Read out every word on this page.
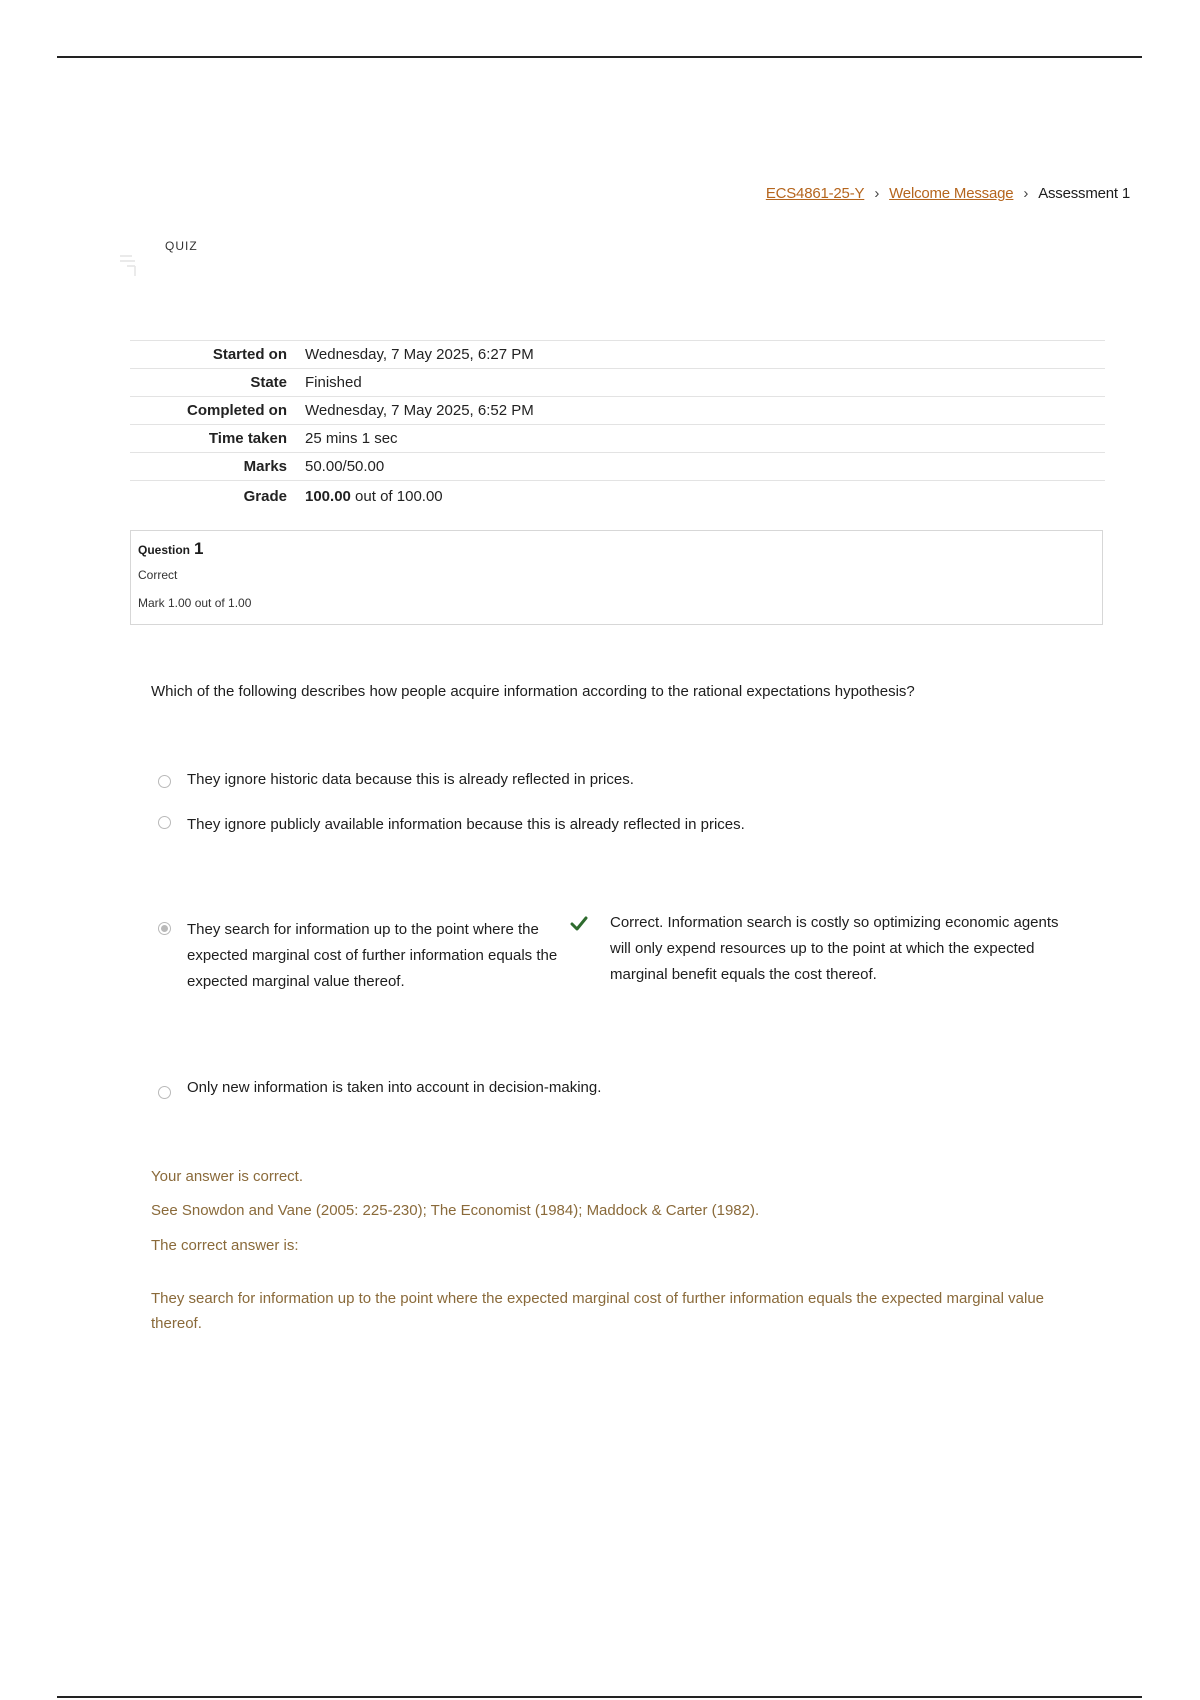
ECS4861-25-Y › Welcome Message › Assessment 1
QUIZ
Started on	Wednesday, 7 May 2025, 6:27 PM
State	Finished
Completed on	Wednesday, 7 May 2025, 6:52 PM
Time taken	25 mins 1 sec
Marks	50.00/50.00
Grade	100.00 out of 100.00
Question 1
Correct
Mark 1.00 out of 1.00
Which of the following describes how people acquire information according to the rational expectations hypothesis?
They ignore historic data because this is already reflected in prices.
They ignore publicly available information because this is already reflected in prices.
They search for information up to the point where the expected marginal cost of further information equals the expected marginal value thereof.
Only new information is taken into account in decision-making.
Correct. Information search is costly so optimizing economic agents will only expend resources up to the point at which the expected marginal benefit equals the cost thereof.
Your answer is correct.
See Snowdon and Vane (2005: 225-230); The Economist (1984); Maddock & Carter (1982).
The correct answer is:
They search for information up to the point where the expected marginal cost of further information equals the expected marginal value thereof.
